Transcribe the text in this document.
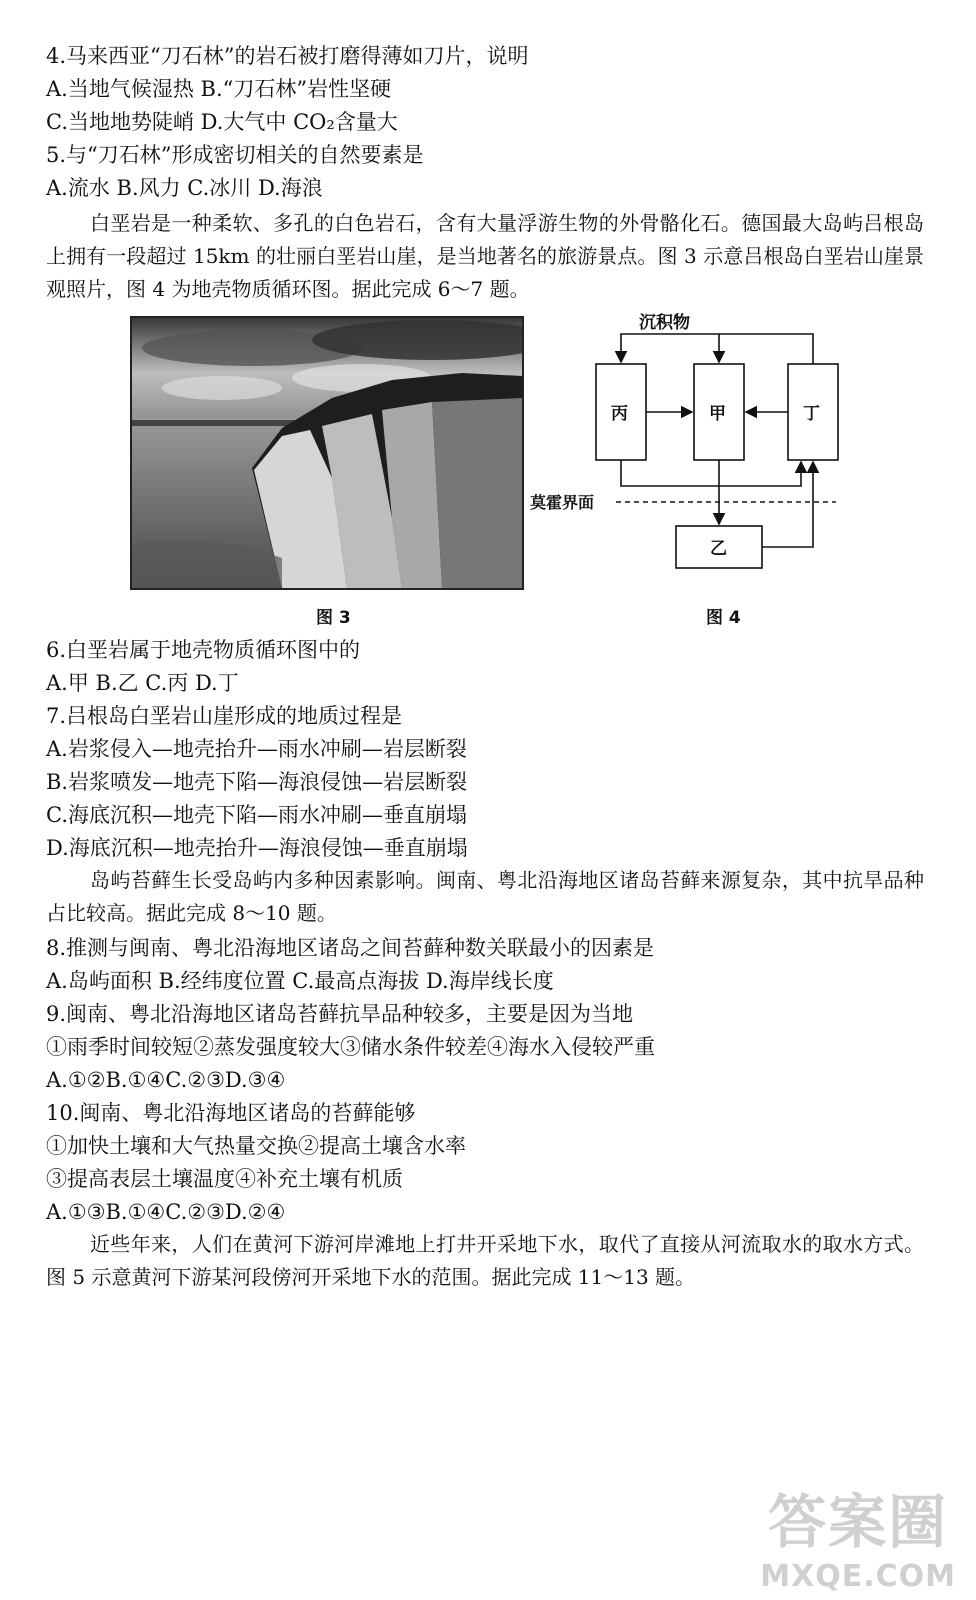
4.马来西亚“刀石林”的岩石被打磨得薄如刀片，说明
A.当地气候湿热 B.“刀石林”岩性坚硬
C.当地地势陡峭 D.大气中 CO₂含量大
5.与“刀石林”形成密切相关的自然要素是
A.流水 B.风力 C.冰川 D.海浪
白垩岩是一种柔软、多孔的白色岩石，含有大量浮游生物的外骨骼化石。德国最大岛屿吕根岛上拥有一段超过 15km 的壮丽白垩岩山崖，是当地著名的旅游景点。图 3 示意吕根岛白垩岩山崖景观照片，图 4 为地壳物质循环图。据此完成 6～7 题。
图 3
沉积物
丙	甲	丁
乙
莫霍界面
图 4
6.白垩岩属于地壳物质循环图中的
A.甲 B.乙 C.丙 D.丁
7.吕根岛白垩岩山崖形成的地质过程是
A.岩浆侵入—地壳抬升—雨水冲刷—岩层断裂
B.岩浆喷发—地壳下陷—海浪侵蚀—岩层断裂
C.海底沉积—地壳下陷—雨水冲刷—垂直崩塌
D.海底沉积—地壳抬升—海浪侵蚀—垂直崩塌
岛屿苔藓生长受岛屿内多种因素影响。闽南、粤北沿海地区诸岛苔藓来源复杂，其中抗旱品种占比较高。据此完成 8～10 题。
8.推测与闽南、粤北沿海地区诸岛之间苔藓种数关联最小的因素是
A.岛屿面积 B.经纬度位置 C.最高点海拔 D.海岸线长度
9.闽南、粤北沿海地区诸岛苔藓抗旱品种较多，主要是因为当地
①雨季时间较短②蒸发强度较大③储水条件较差④海水入侵较严重
A.①②B.①④C.②③D.③④
10.闽南、粤北沿海地区诸岛的苔藓能够
①加快土壤和大气热量交换②提高土壤含水率
③提高表层土壤温度④补充土壤有机质
A.①③B.①④C.②③D.②④
近些年来，人们在黄河下游河岸滩地上打井开采地下水，取代了直接从河流取水的取水方式。图 5 示意黄河下游某河段傍河开采地下水的范围。据此完成 11～13 题。
答案圈
MXQE.COM
